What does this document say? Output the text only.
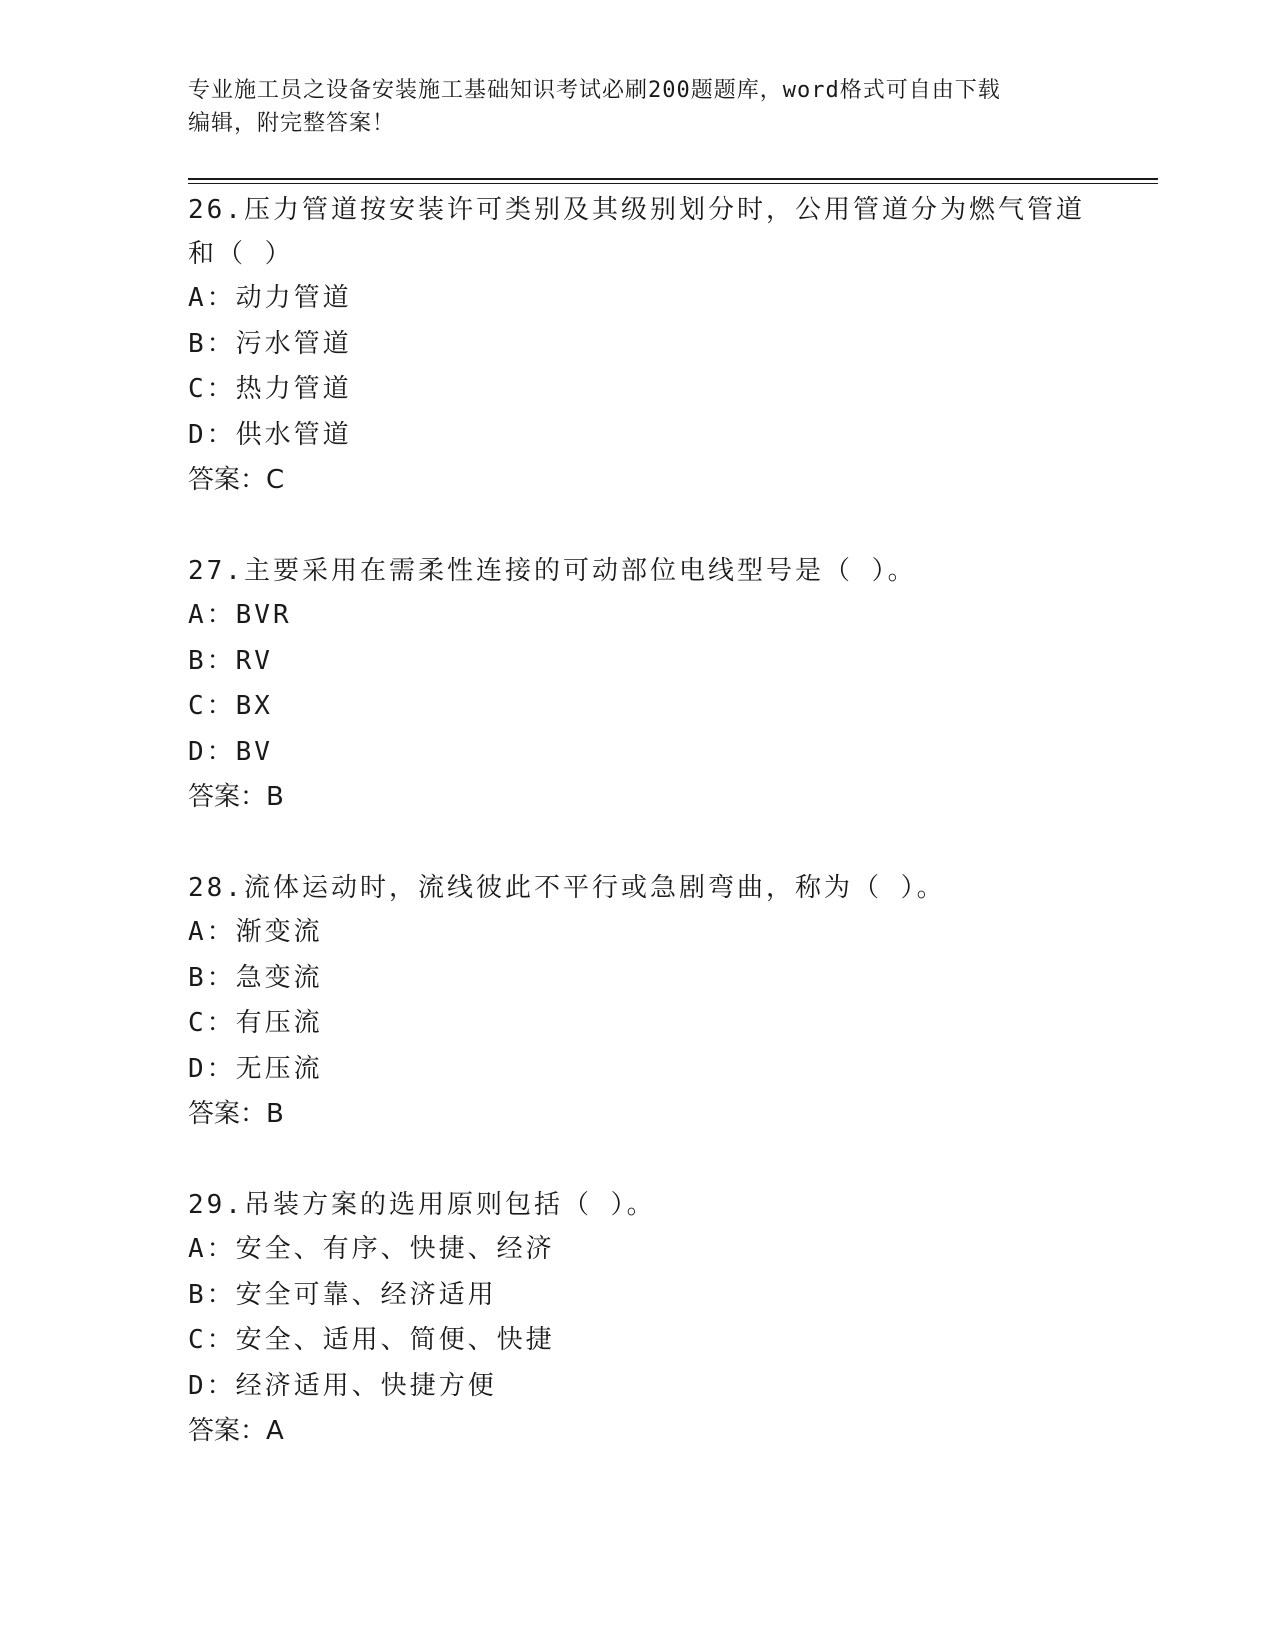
专业施工员之设备安装施工基础知识考试必刷200题题库，word格式可自由下载
编辑，附完整答案！

26.压力管道按安装许可类别及其级别划分时，公用管道分为燃气管道和（ ）

A：动力管道

B：污水管道

C：热力管道

D：供水管道

答案：C

27.主要采用在需柔性连接的可动部位电线型号是（ ）。

A：BVR

B：RV

C：BX

D：BV

答案：B

28.流体运动时，流线彼此不平行或急剧弯曲，称为（ ）。

A：渐变流

B：急变流

C：有压流

D：无压流

答案：B

29.吊装方案的选用原则包括（ ）。

A：安全、有序、快捷、经济

B：安全可靠、经济适用

C：安全、适用、简便、快捷

D：经济适用、快捷方便

答案：A
